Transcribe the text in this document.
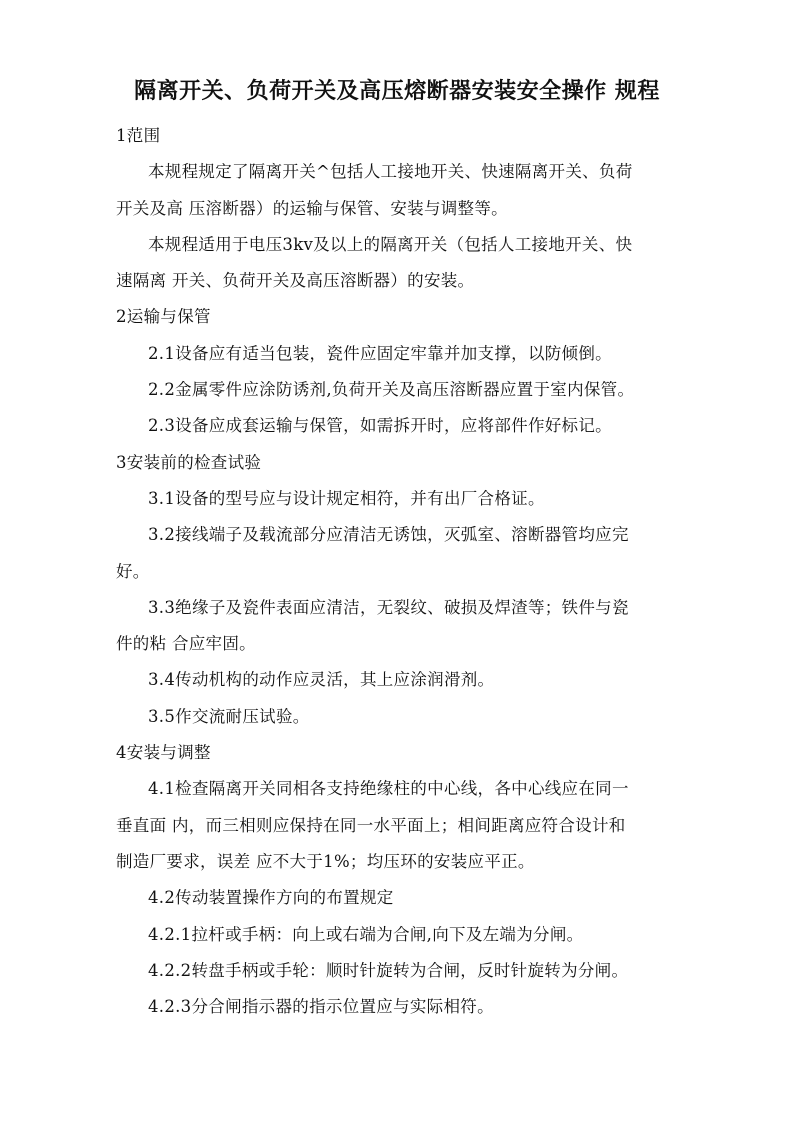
隔离开关、负荷开关及高压熔断器安装安全操作 规程
1范围
本规程规定了隔离开关^包括人工接地开关、快速隔离开关、负荷
开关及高 压溶断器）的运输与保管、安装与调整等。
本规程适用于电压3kv及以上的隔离开关（包括人工接地开关、快
速隔离 开关、负荷开关及高压溶断器）的安装。
2运输与保管
2.1设备应有适当包装，瓷件应固定牢靠并加支撑，以防倾倒。
2.2金属零件应涂防诱剂,负荷开关及高压溶断器应置于室内保管。
2.3设备应成套运输与保管，如需拆开时，应将部件作好标记。
3安装前的检查试验
3.1设备的型号应与设计规定相符，并有出厂合格证。
3.2接线端子及载流部分应清洁无诱蚀，灭弧室、溶断器管均应完
好。
3.3绝缘子及瓷件表面应清洁，无裂纹、破损及焊渣等；铁件与瓷
件的粘 合应牢固。
3.4传动机构的动作应灵活，其上应涂润滑剂。
3.5作交流耐压试验。
4安装与调整
4.1检查隔离开关同相各支持绝缘柱的中心线，各中心线应在同一
垂直面 内，而三相则应保持在同一水平面上；相间距离应符合设计和
制造厂要求，误差 应不大于1%；均压环的安装应平正。
4.2传动装置操作方向的布置规定
4.2.1拉杆或手柄：向上或右端为合闸,向下及左端为分闸。
4.2.2转盘手柄或手轮：顺时针旋转为合闸，反时针旋转为分闸。
4.2.3分合闸指示器的指示位置应与实际相符。
